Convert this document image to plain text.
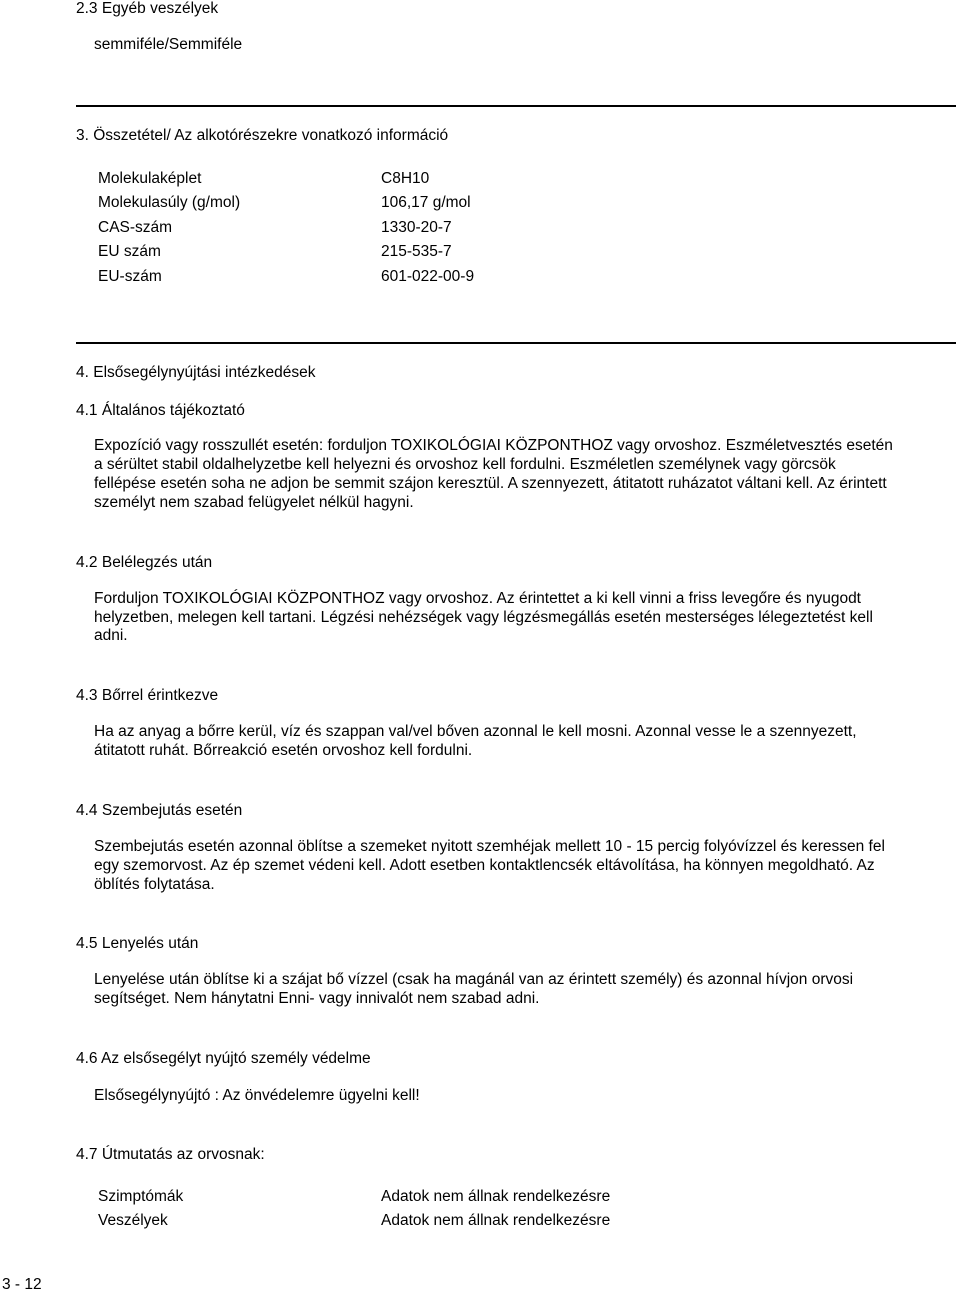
2.3 Egyéb veszélyek
semmiféle/Semmiféle
3. Összetétel/ Az alkotórészekre vonatkozó információ
Molekulaképlet	C8H10
Molekulasúly (g/mol)	106,17 g/mol
CAS-szám	1330-20-7
EU szám	215-535-7
EU-szám	601-022-00-9
4. Elsősegélynyújtási intézkedések
4.1 Általános tájékoztató
Expozíció vagy rosszullét esetén: forduljon TOXIKOLÓGIAI KÖZPONTHOZ vagy orvoshoz. Eszméletvesztés esetén
a sérültet stabil oldalhelyzetbe kell helyezni és orvoshoz kell fordulni. Eszméletlen személynek vagy görcsök
fellépése esetén soha ne adjon be semmit szájon keresztül. A szennyezett, átitatott ruházatot váltani kell. Az érintett
személyt nem szabad felügyelet nélkül hagyni.
4.2 Belélegzés után
Forduljon TOXIKOLÓGIAI KÖZPONTHOZ vagy orvoshoz. Az érintettet a ki kell vinni a friss levegőre és nyugodt
helyzetben, melegen kell tartani. Légzési nehézségek vagy légzésmegállás esetén mesterséges lélegeztetést kell
adni.
4.3 Bőrrel érintkezve
Ha az anyag a bőrre kerül, víz és szappan val/vel bőven azonnal le kell mosni. Azonnal vesse le a szennyezett,
átitatott ruhát. Bőrreakció esetén orvoshoz kell fordulni.
4.4 Szembejutás esetén
Szembejutás esetén azonnal öblítse a szemeket nyitott szemhéjak mellett 10 - 15 percig folyóvízzel és keressen fel
egy szemorvost. Az ép szemet védeni kell. Adott esetben kontaktlencsék eltávolítása, ha könnyen megoldható. Az
öblítés folytatása.
4.5 Lenyelés után
Lenyelése után öblítse ki a szájat bő vízzel (csak ha magánál van az érintett személy) és azonnal hívjon orvosi
segítséget. Nem hánytatni Enni- vagy innivalót nem szabad adni.
4.6 Az elsősegélyt nyújtó személy védelme
Elsősegélynyújtó : Az önvédelemre ügyelni kell!
4.7 Útmutatás az orvosnak:
Szimptómák	Adatok nem állnak rendelkezésre
Veszélyek	Adatok nem állnak rendelkezésre
3 - 12
